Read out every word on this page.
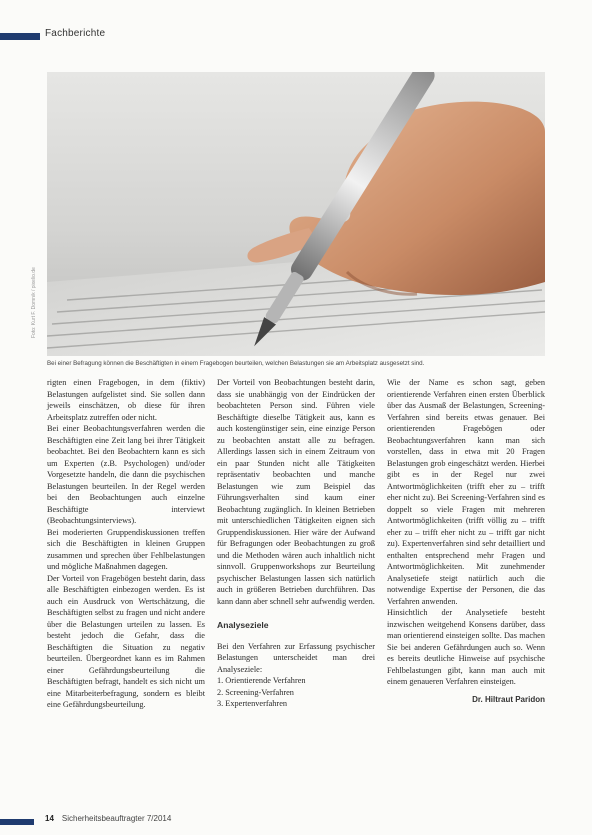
Fachberichte
Foto: Kurt F. Domnik / pixelio.de
Bei einer Befragung können die Beschäftigten in einem Fragebogen beurteilen, welchen Belastungen sie am Arbeitsplatz ausgesetzt sind.

rigten einen Fragebogen, in dem (fiktiv) Belastungen aufgelistet sind. Sie sollen dann jeweils einschätzen, ob diese für ihren Arbeitsplatz zutreffen oder nicht.

Bei einer Beobachtungsverfahren werden die Beschäftigten eine Zeit lang bei ihrer Tätigkeit beobachtet. Bei den Beobachtern kann es sich um Experten (z.B. Psychologen) und/oder Vorgesetzte handeln, die dann die psychischen Belastungen beurteilen. In der Regel werden bei den Beobachtungen auch einzelne Beschäftigte interviewt (Beobachtungsinterviews).

Bei moderierten Gruppendiskussionen treffen sich die Beschäftigten in kleinen Gruppen zusammen und sprechen über Fehlbelastungen und mögliche Maßnahmen dagegen.

Der Vorteil von Fragebögen besteht darin, dass alle Beschäftigten einbezogen werden. Es ist auch ein Ausdruck von Wertschätzung, die Beschäftigten selbst zu fragen und nicht andere über die Belastungen urteilen zu lassen. Es besteht jedoch die Gefahr, dass die Beschäftigten die Situation zu negativ beurteilen. Übergeordnet kann es im Rahmen einer Gefährdungsbeurteilung die Beschäftigten befragt, handelt es sich nicht um eine Mitarbeiterbefragung, sondern es bleibt eine Gefährdungsbeurteilung.

Der Vorteil von Beobachtungen besteht darin, dass sie unabhängig von der Eindrücken der beobachteten Person sind. Führen viele Beschäftigte dieselbe Tätigkeit aus, kann es auch kostengünstiger sein, eine einzige Person zu beobachten anstatt alle zu befragen. Allerdings lassen sich in einem Zeitraum von ein paar Stunden nicht alle Tätigkeiten repräsentativ beobachten und manche Belastungen wie zum Beispiel das Führungsverhalten sind kaum einer Beobachtung zugänglich. In kleinen Betrieben mit unterschiedlichen Tätigkeiten eignen sich Gruppendiskussionen. Hier wäre der Aufwand für Befragungen oder Beobachtungen zu groß und die Methoden wären auch inhaltlich nicht sinnvoll. Gruppenworkshops zur Beurteilung psychischer Belastungen lassen sich natürlich auch in größeren Betrieben durchführen. Das kann dann aber schnell sehr aufwendig werden.

Analyseziele

Bei den Verfahren zur Erfassung psychischer Belastungen unterscheidet man drei Analyseziele:

1. Orientierende Verfahren
2. Screening-Verfahren
3. Expertenverfahren

Wie der Name es schon sagt, geben orientierende Verfahren einen ersten Überblick über das Ausmaß der Belastungen, Screening-Verfahren sind bereits etwas genauer. Bei orientierenden Fragebögen oder Beobachtungsverfahren kann man sich vorstellen, dass in etwa mit 20 Fragen Belastungen grob eingeschätzt werden. Hierbei gibt es in der Regel nur zwei Antwortmöglichkeiten (trifft eher zu – trifft eher nicht zu). Bei Screening-Verfahren sind es doppelt so viele Fragen mit mehreren Antwortmöglichkeiten (trifft völlig zu – trifft eher zu – trifft eher nicht zu – trifft gar nicht zu). Expertenverfahren sind sehr detailliert und enthalten entsprechend mehr Fragen und Antwortmöglichkeiten. Mit zunehmender Analysetiefe steigt natürlich auch die notwendige Expertise der Personen, die das Verfahren anwenden.

Hinsichtlich der Analysetiefe besteht inzwischen weitgehend Konsens darüber, dass man orientierend einsteigen sollte. Das machen Sie bei anderen Gefährdungen auch so. Wenn es bereits deutliche Hinweise auf psychische Fehlbelastungen gibt, kann man auch mit einem genaueren Verfahren einsteigen.

Dr. Hiltraut Paridon
14 Sicherheitsbeauftragter 7/2014
